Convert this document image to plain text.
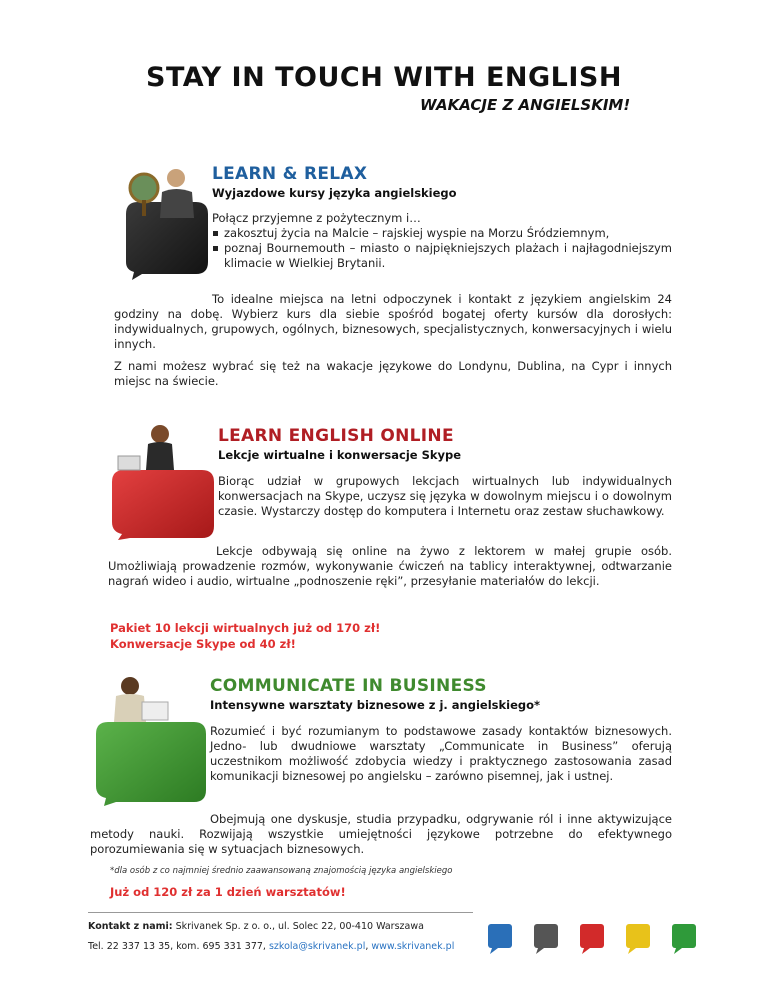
STAY IN TOUCH WITH ENGLISH
WAKACJE Z ANGIELSKIM!
LEARN & RELAX
Wyjazdowe kursy języka angielskiego
Połącz przyjemne z pożytecznym i…
zakosztuj życia na Malcie – rajskiej wyspie na Morzu Śródziemnym,
poznaj Bournemouth – miasto o najpiękniejszych plażach i najłagodniejszym klimacie w Wielkiej Brytanii.
To idealne miejsca na letni odpoczynek i kontakt z językiem angielskim 24 godziny na dobę. Wybierz kurs dla siebie spośród bogatej oferty kursów dla dorosłych: indywidualnych, grupowych, ogólnych, biznesowych, specjalistycznych, konwersacyjnych i wielu innych.
Z nami możesz wybrać się też na wakacje językowe do Londynu, Dublina, na Cypr i innych miejsc na świecie.
LEARN ENGLISH ONLINE
Lekcje wirtualne i konwersacje Skype
Biorąc udział w grupowych lekcjach wirtualnych lub indywidualnych konwersacjach na Skype, uczysz się języka w dowolnym miejscu i o dowolnym czasie. Wystarczy dostęp do komputera i Internetu oraz zestaw słuchawkowy.
Lekcje odbywają się online na żywo z lektorem w małej grupie osób. Umożliwiają prowadzenie rozmów, wykonywanie ćwiczeń na tablicy interaktywnej, odtwarzanie nagrań wideo i audio, wirtualne „podnoszenie ręki”, przesyłanie materiałów do lekcji.
Pakiet 10 lekcji wirtualnych już od 170 zł!
Konwersacje Skype od 40 zł!
COMMUNICATE IN BUSINESS
Intensywne warsztaty biznesowe z j. angielskiego*
Rozumieć i być rozumianym to podstawowe zasady kontaktów biznesowych. Jedno- lub dwudniowe warsztaty „Communicate in Business” oferują uczestnikom możliwość zdobycia wiedzy i praktycznego zastosowania zasad komunikacji biznesowej po angielsku – zarówno pisemnej, jak i ustnej.
Obejmują one dyskusje, studia przypadku, odgrywanie ról i inne aktywizujące metody nauki. Rozwijają wszystkie umiejętności językowe potrzebne do efektywnego porozumiewania się w sytuacjach biznesowych.
*dla osób z co najmniej średnio zaawansowaną znajomością języka angielskiego
Już od 120 zł za 1 dzień warsztatów!
Kontakt z nami: Skrivanek Sp. z o. o., ul. Solec 22, 00-410 Warszawa
Tel. 22 337 13 35, kom. 695 331 377, szkola@skrivanek.pl, www.skrivanek.pl
